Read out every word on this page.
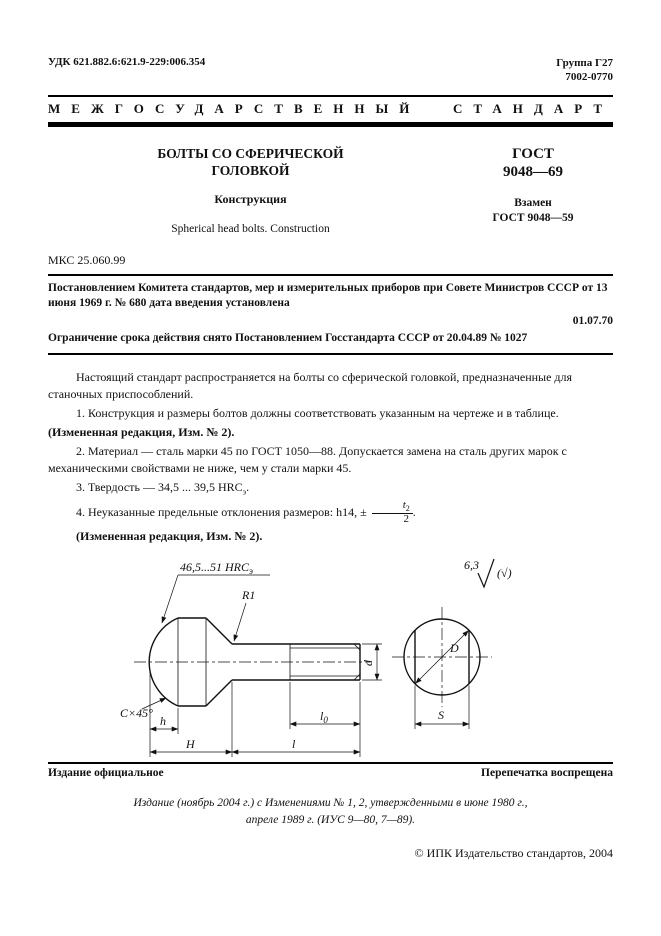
УДК 621.882.6:621.9-229:006.354	Группа Г27
7002-0770
МЕЖГОСУДАРСТВЕННЫЙ	СТАНДАРТ
БОЛТЫ СО СФЕРИЧЕСКОЙ
ГОЛОВКОЙ
Конструкция
Spherical head bolts. Construction
ГОСТ
9048—69
Взамен
ГОСТ 9048—59
МКС 25.060.99

Постановлением Комитета стандартов, мер и измерительных приборов при Совете Министров СССР от 13 июня 1969 г. № 680 дата введения установлена

01.07.70

Ограничение срока действия снято Постановлением Госстандарта СССР от 20.04.89 № 1027

Настоящий стандарт распространяется на болты со сферической головкой, предназначенные для станочных приспособлений.

1. Конструкция и размеры болтов должны соответствовать указанным на чертеже и в таблице.

(Измененная редакция, Изм. № 2).

2. Материал — сталь марки 45 по ГОСТ 1050—88. Допускается замена на сталь других марок с механическими свойствами не ниже, чем у стали марки 45.

3. Твердость — 34,5 ... 39,5 $HRC_э$.

4. Неуказанные предельные отклонения размеров: h14, ± $\frac{t_2}{2}$ .

(Измененная редакция, Изм. № 2).

46,5...51 $HRC_э$
R1
C×45°
h
H
$l_0$
l
d
D
S
6,3
(√)
Издание официальное	Перепечатка воспрещена
Издание (ноябрь 2004 г.) с Изменениями № 1, 2, утвержденными в июне 1980 г.,
апреле 1989 г. (ИУС 9—80, 7—89).
© ИПК Издательство стандартов, 2004
